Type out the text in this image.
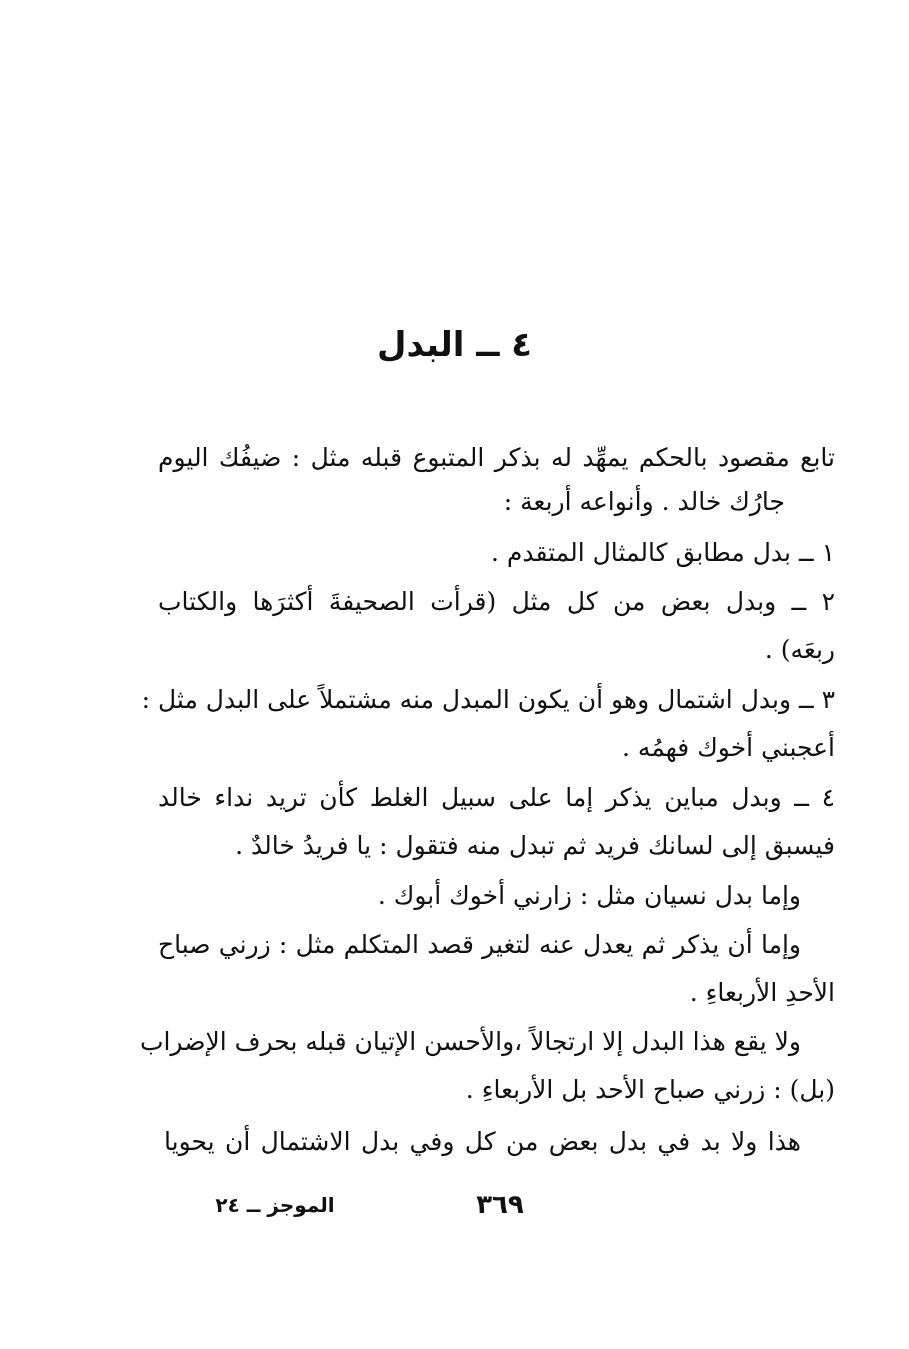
٤ ــ البدل
تابع مقصود بالحكم يمهِّد له بذكر المتبوع قبله مثل : ضيفُك اليوم
جارُك خالد . وأنواعه أربعة :
١ ــ بدل مطابق كالمثال المتقدم .
٢ ــ وبدل بعض من كل مثل (قرأت الصحيفةَ أكثرَها والكتاب
ربعَه) .
٣ ــ وبدل اشتمال وهو أن يكون المبدل منه مشتملاً على البدل مثل :
أعجبني أخوك فهمُه .
٤ ــ وبدل مباين يذكر إما على سبيل الغلط كأن تريد نداء خالد
فيسبق إلى لسانك فريد ثم تبدل منه فتقول : يا فريدُ خالدٌ .
وإما بدل نسيان مثل : زارني أخوك أبوك .
وإما أن يذكر ثم يعدل عنه لتغير قصد المتكلم مثل : زرني صباح
الأحدِ الأربعاءِ .
ولا يقع هذا البدل إلا ارتجالاً ،والأحسن الإتيان قبله بحرف الإضراب
(بل) : زرني صباح الأحد بل الأربعاءِ .
هذا ولا بد في بدل بعض من كل وفي بدل الاشتمال أن يحويا
٣٦٩
الموجز ــ ٢٤
